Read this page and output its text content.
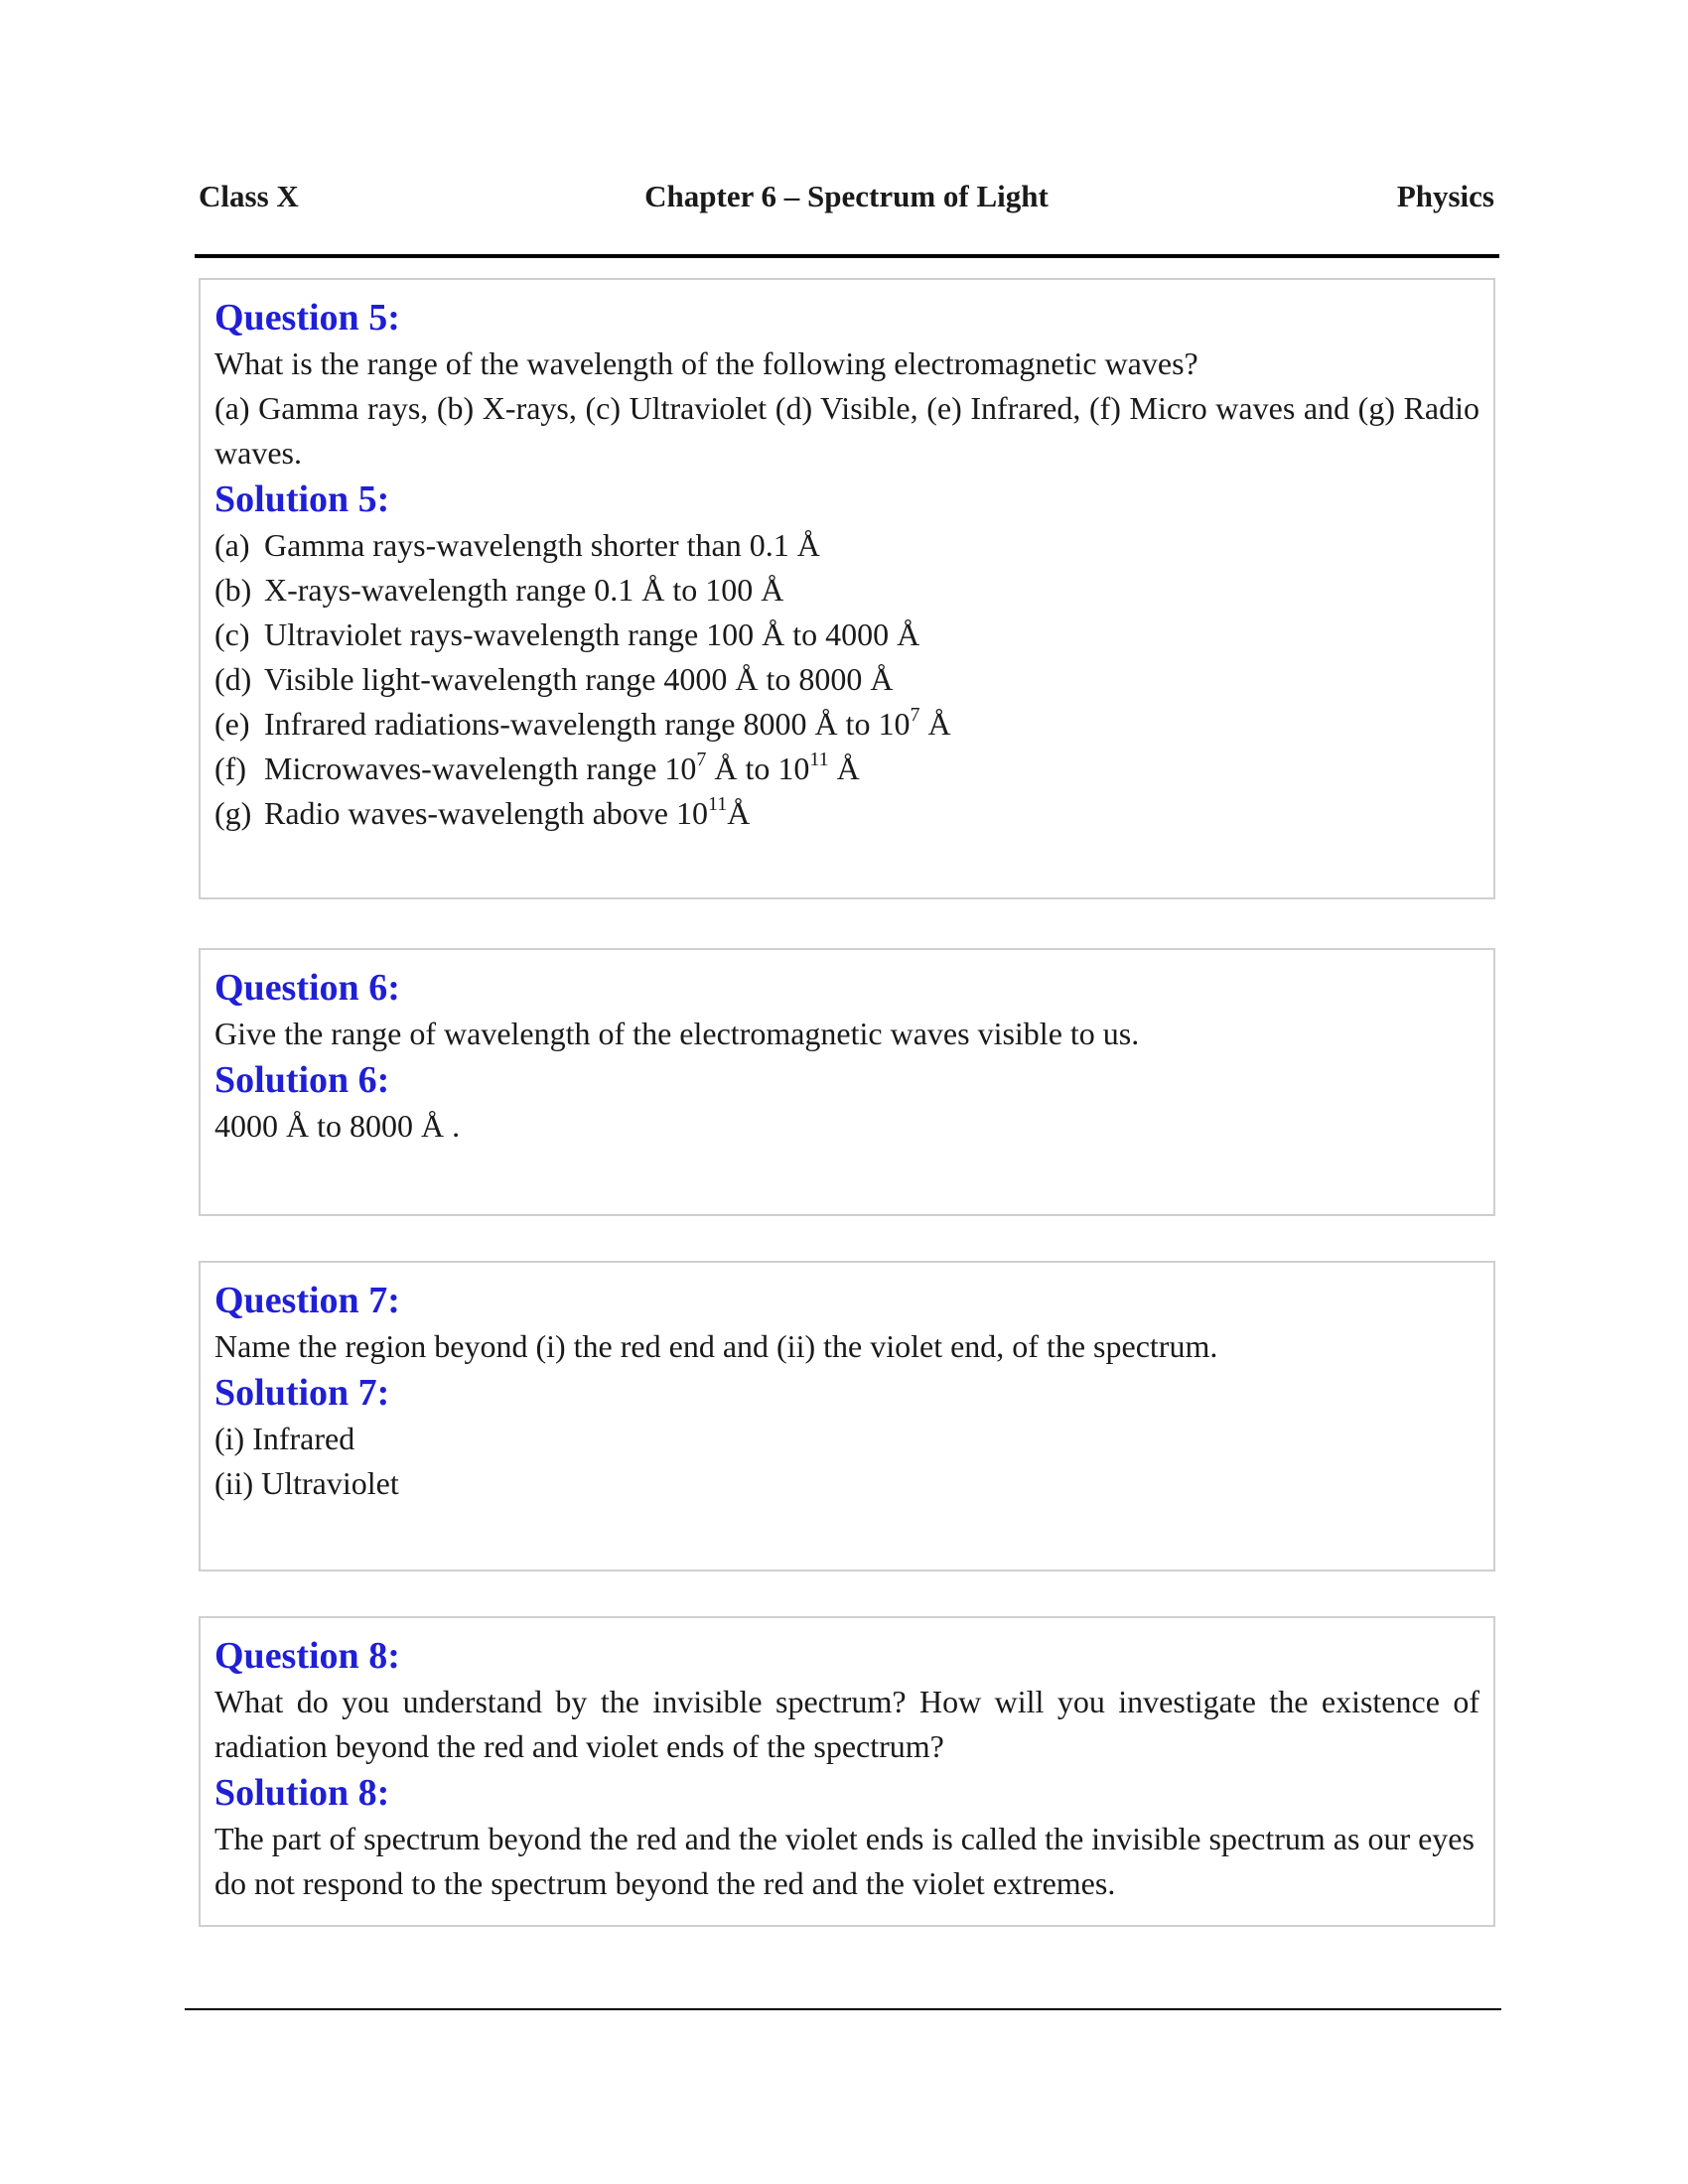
Class X	Chapter 6 – Spectrum of Light	Physics
Question 5:
What is the range of the wavelength of the following electromagnetic waves?
(a) Gamma rays, (b) X-rays, (c) Ultraviolet (d) Visible, (e) Infrared, (f) Micro waves and (g) Radio waves.
Solution 5:
(a) Gamma rays-wavelength shorter than 0.1 Å
(b) X-rays-wavelength range 0.1 Å to 100 Å
(c) Ultraviolet rays-wavelength range 100 Å to 4000 Å
(d) Visible light-wavelength range 4000 Å to 8000 Å
(e) Infrared radiations-wavelength range 8000 Å to $10^7$ Å
(f) Microwaves-wavelength range $10^7$ Å to $10^{11}$ Å
(g) Radio waves-wavelength above $10^{11}Å$
Question 6:
Give the range of wavelength of the electromagnetic waves visible to us.
Solution 6:
4000 Å to 8000 Å .
Question 7:
Name the region beyond (i) the red end and (ii) the violet end, of the spectrum.
Solution 7:
(i) Infrared
(ii) Ultraviolet
Question 8:
What do you understand by the invisible spectrum? How will you investigate the existence of radiation beyond the red and violet ends of the spectrum?
Solution 8:
The part of spectrum beyond the red and the violet ends is called the invisible spectrum as our eyes do not respond to the spectrum beyond the red and the violet extremes.
